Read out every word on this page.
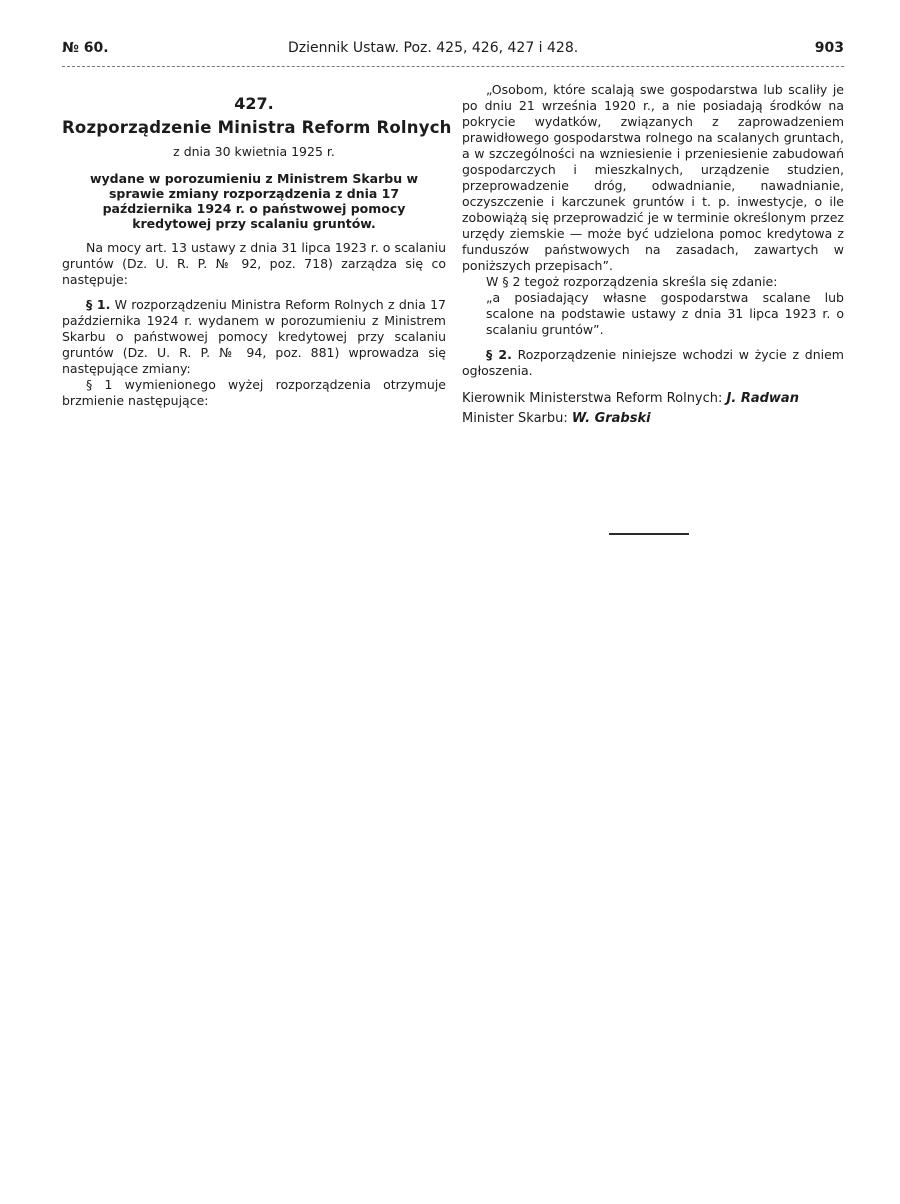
№ 60.	Dziennik Ustaw. Poz. 425, 426, 427 i 428.	903

427.

Rozporządzenie Ministra Reform Rolnych

z dnia 30 kwietnia 1925 r.

wydane w porozumieniu z Ministrem Skarbu w sprawie zmiany rozporządzenia z dnia 17 października 1924 r. o państwowej pomocy kredytowej przy scalaniu gruntów.

Na mocy art. 13 ustawy z dnia 31 lipca 1923 r. o scalaniu gruntów (Dz. U. R. P. № 92, poz. 718) zarządza się co następuje:

§ 1. W rozporządzeniu Ministra Reform Rolnych z dnia 17 października 1924 r. wydanem w porozumieniu z Ministrem Skarbu o państwowej pomocy kredytowej przy scalaniu gruntów (Dz. U. R. P. № 94, poz. 881) wprowadza się następujące zmiany:

§ 1 wymienionego wyżej rozporządzenia otrzymuje brzmienie następujące:

„Osobom, które scalają swe gospodarstwa lub scaliły je po dniu 21 września 1920 r., a nie posiadają środków na pokrycie wydatków, związanych z zaprowadzeniem prawidłowego gospodarstwa rolnego na scalanych gruntach, a w szczególności na wzniesienie i przeniesienie zabudowań gospodarczych i mieszkalnych, urządzenie studzien, przeprowadzenie dróg, odwadnianie, nawadnianie, oczyszczenie i karczunek gruntów i t. p. inwestycje, o ile zobowiążą się przeprowadzić je w terminie określonym przez urzędy ziemskie — może być udzielona pomoc kredytowa z funduszów państwowych na zasadach, zawartych w poniższych przepisach”.

W § 2 tegoż rozporządzenia skreśla się zdanie:

„a posiadający własne gospodarstwa scalane lub scalone na podstawie ustawy z dnia 31 lipca 1923 r. o scalaniu gruntów”.

§ 2. Rozporządzenie niniejsze wchodzi w życie z dniem ogłoszenia.

Kierownik Ministerstwa Reform Rolnych: J. Radwan
Minister Skarbu: W. Grabski
